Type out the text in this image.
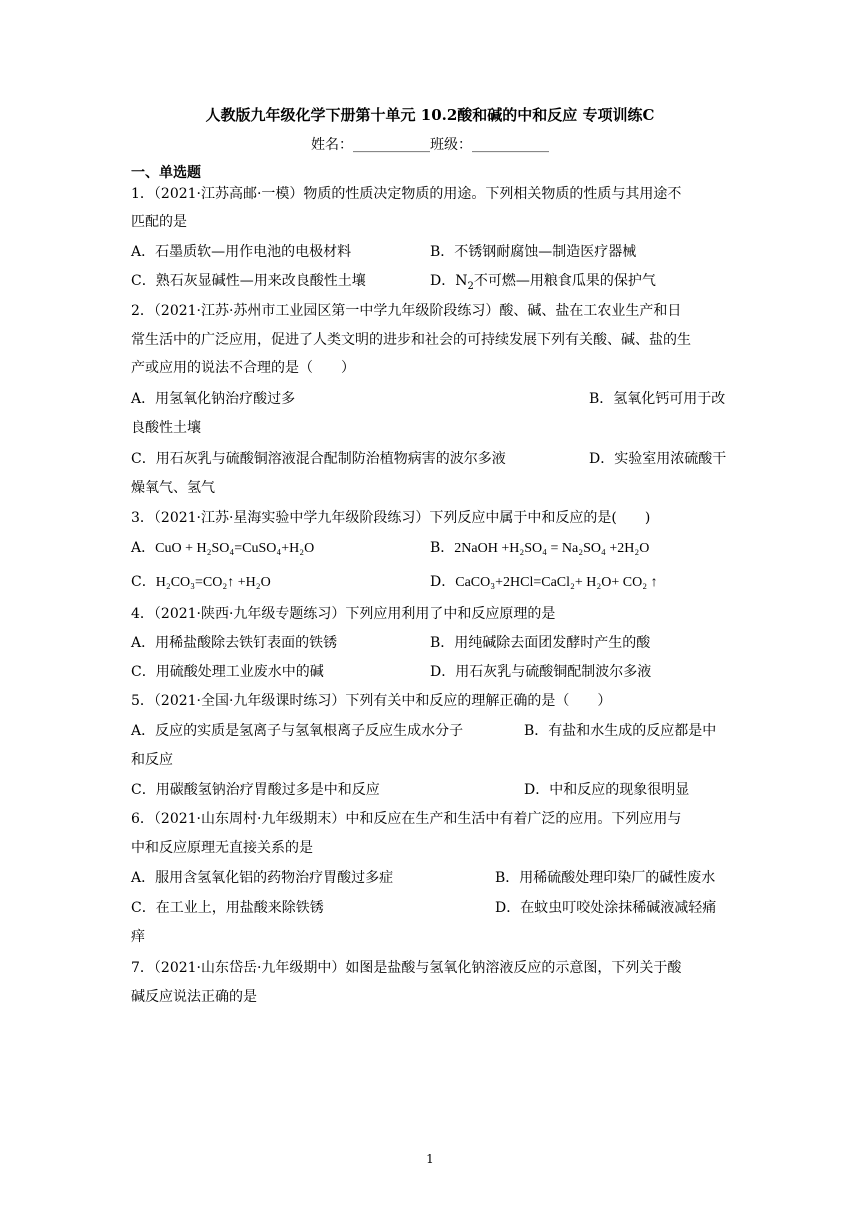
人教版九年级化学下册第十单元 10.2酸和碱的中和反应 专项训练C
姓名：___________班级：___________
一、单选题
1．（2021·江苏高邮·一模）物质的性质决定物质的用途。下列相关物质的性质与其用途不
匹配的是
A．石墨质软—用作电池的电极材料	B．不锈钢耐腐蚀—制造医疗器械
C．熟石灰显碱性—用来改良酸性土壤	D．$N_2$不可燃—用粮食瓜果的保护气
2．（2021·江苏·苏州市工业园区第一中学九年级阶段练习）酸、碱、盐在工农业生产和日
常生活中的广泛应用，促进了人类文明的进步和社会的可持续发展下列有关酸、碱、盐的生
产或应用的说法不合理的是（　　）
A．用氢氧化钠治疗酸过多	B．氢氧化钙可用于改
良酸性土壤
C．用石灰乳与硫酸铜溶液混合配制防治植物病害的波尔多液	D．实验室用浓硫酸干
燥氧气、氢气
3．（2021·江苏·星海实验中学九年级阶段练习）下列反应中属于中和反应的是(　　)
A．CuO + H₂SO₄=CuSO₄+H₂O	B．2NaOH +H₂SO₄ = Na₂SO₄ +2H₂O
C．H₂CO₃=CO₂↑ +H₂O	D．CaCO₃+2HCl=CaCl₂+ H₂O+ CO₂ ↑
4．（2021·陕西·九年级专题练习）下列应用利用了中和反应原理的是
A．用稀盐酸除去铁钉表面的铁锈	B．用纯碱除去面团发酵时产生的酸
C．用硫酸处理工业废水中的碱	D．用石灰乳与硫酸铜配制波尔多液
5．（2021·全国·九年级课时练习）下列有关中和反应的理解正确的是（　　）
A．反应的实质是氢离子与氢氧根离子反应生成水分子	B．有盐和水生成的反应都是中
和反应
C．用碳酸氢钠治疗胃酸过多是中和反应	D．中和反应的现象很明显
6．（2021·山东周村·九年级期末）中和反应在生产和生活中有着广泛的应用。下列应用与
中和反应原理无直接关系的是
A．服用含氢氧化铝的药物治疗胃酸过多症	B．用稀硫酸处理印染厂的碱性废水
C．在工业上，用盐酸来除铁锈	D．在蚊虫叮咬处涂抹稀碱液减轻痛
痒
7．（2021·山东岱岳·九年级期中）如图是盐酸与氢氧化钠溶液反应的示意图，下列关于酸
碱反应说法正确的是
1
